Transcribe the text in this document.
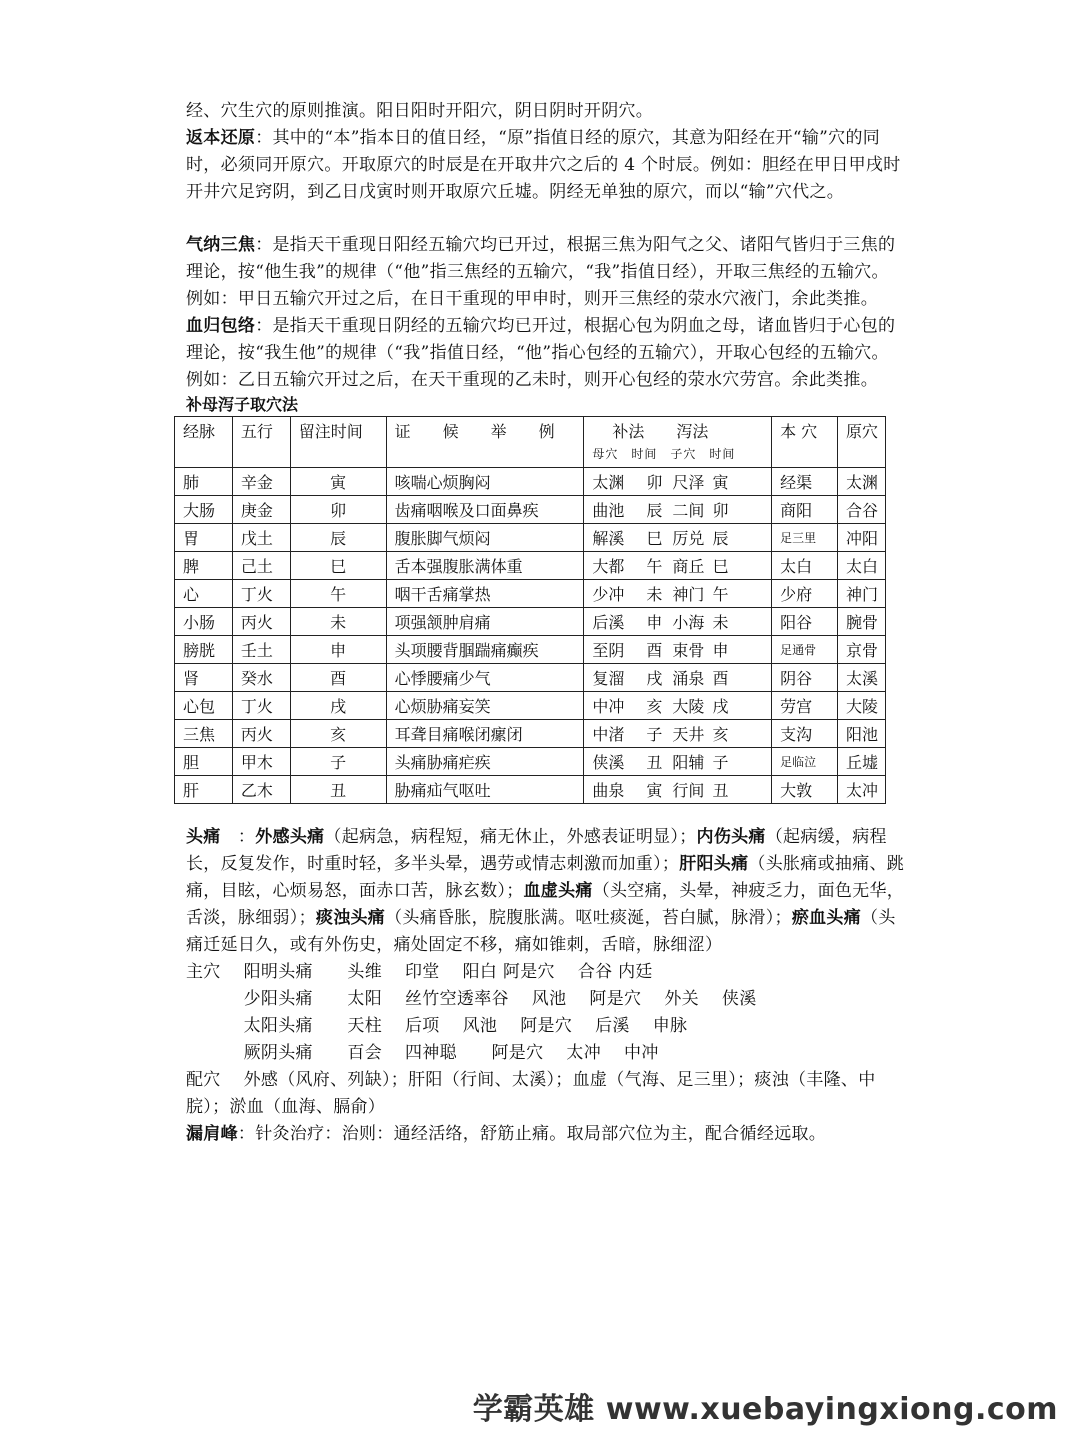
经、穴生穴的原则推演。阳日阳时开阳穴，阴日阴时开阴穴。

返本还原：其中的“本”指本日的值日经，“原”指值日经的原穴，其意为阳经在开“输”穴的同时，必须同开原穴。开取原穴的时辰是在开取井穴之后的 4 个时辰。例如：胆经在甲日甲戌时开井穴足窍阴，到乙日戊寅时则开取原穴丘墟。阴经无单独的原穴，而以“输”穴代之。

气纳三焦：是指天干重现日阳经五输穴均已开过，根据三焦为阳气之父、诸阳气皆归于三焦的理论，按“他生我”的规律（“他”指三焦经的五输穴，“我”指值日经），开取三焦经的五输穴。例如：甲日五输穴开过之后，在日干重现的甲申时，则开三焦经的荥水穴液门，余此类推。

血归包络：是指天干重现日阴经的五输穴均已开过，根据心包为阴血之母，诸血皆归于心包的理论，按“我生他”的规律（“我”指值日经，“他”指心包经的五输穴），开取心包经的五输穴。例如：乙日五输穴开过之后，在天干重现的乙未时，则开心包经的荥水穴劳宫。余此类推。

补母泻子取穴法
经脉	五行	留注时间	证　　候　　举　　例	补法　　泻法
母穴　时间　子穴　时间	本 穴	原穴
肺	辛金	寅	咳喘心烦胸闷	太渊 卯 尺泽 寅	经渠	太渊
大肠	庚金	卯	齿痛咽喉及口面鼻疾	曲池 辰 二间 卯	商阳	合谷
胃	戊土	辰	腹胀脚气烦闷	解溪 巳 厉兑 辰	足三里	冲阳
脾	己土	巳	舌本强腹胀满体重	大都 午 商丘 巳	太白	太白
心	丁火	午	咽干舌痛掌热	少冲 未 神门 午	少府	神门
小肠	丙火	未	项强颔肿肩痛	后溪 申 小海 未	阳谷	腕骨
膀胱	壬土	申	头项腰背腘踹痛癫疾	至阴 酉 束骨 申	足通骨	京骨
肾	癸水	酉	心悸腰痛少气	复溜 戌 涌泉 酉	阴谷	太溪
心包	丁火	戌	心烦胁痛妄笑	中冲 亥 大陵 戌	劳宫	大陵
三焦	丙火	亥	耳聋目痛喉闭瘰闭	中渚 子 天井 亥	支沟	阳池
胆	甲木	子	头痛胁痛疟疾	侠溪 丑 阳辅 子	足临泣	丘墟
肝	乙木	丑	胁痛疝气呕吐	曲泉 寅 行间 丑	大敦	太冲

头痛　：外感头痛（起病急，病程短，痛无休止，外感表证明显）；内伤头痛（起病缓，病程长，反复发作，时重时轻，多半头晕，遇劳或情志刺激而加重）；肝阳头痛（头胀痛或抽痛、跳痛，目眩，心烦易怒，面赤口苦，脉玄数）；血虚头痛（头空痛，头晕，神疲乏力，面色无华，舌淡，脉细弱）；痰浊头痛（头痛昏胀，脘腹胀满。呕吐痰涎，苔白腻，脉滑）；瘀血头痛（头痛迁延日久，或有外伤史，痛处固定不移，痛如锥刺，舌暗，脉细涩）

主穴　 阳明头痛　　头维　 印堂　 阳白 阿是穴　 合谷 内廷

　　　 少阳头痛　　太阳　 丝竹空透率谷　 风池　 阿是穴　 外关　 侠溪

　　　 太阳头痛　　天柱　 后项　 风池　 阿是穴　 后溪　 申脉

　　　 厥阴头痛　　百会　 四神聪　　阿是穴　 太冲　 中冲

配穴　 外感（风府、列缺）；肝阳（行间、太溪）；血虚（气海、足三里）；痰浊（丰隆、中脘）；淤血（血海、膈俞）

漏肩峰：针灸治疗：治则：通经活络，舒筋止痛。取局部穴位为主，配合循经远取。

学霸英雄 www.xuebayingxiong.com
